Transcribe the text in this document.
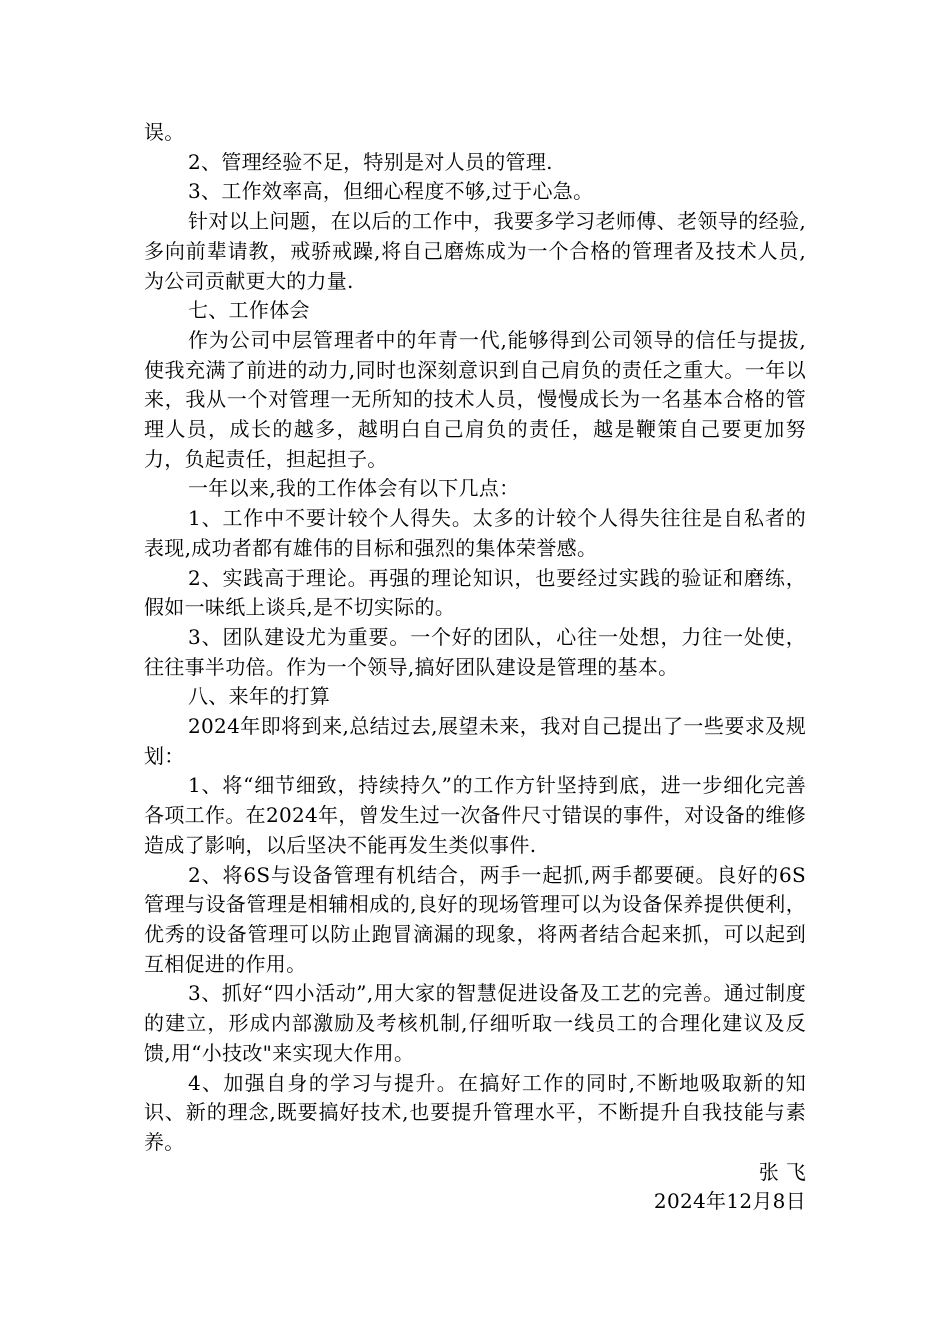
误。

2、管理经验不足，特别是对人员的管理.

3、工作效率高，但细心程度不够,过于心急。

针对以上问题，在以后的工作中，我要多学习老师傅、老领导的经验,多向前辈请教，戒骄戒躁,将自己磨炼成为一个合格的管理者及技术人员,为公司贡献更大的力量.

七、工作体会

作为公司中层管理者中的年青一代,能够得到公司领导的信任与提拔,使我充满了前进的动力,同时也深刻意识到自己肩负的责任之重大。一年以来，我从一个对管理一无所知的技术人员，慢慢成长为一名基本合格的管理人员，成长的越多，越明白自己肩负的责任，越是鞭策自己要更加努力，负起责任，担起担子。

一年以来,我的工作体会有以下几点：

1、工作中不要计较个人得失。太多的计较个人得失往往是自私者的表现,成功者都有雄伟的目标和强烈的集体荣誉感。

2、实践高于理论。再强的理论知识，也要经过实践的验证和磨练，假如一味纸上谈兵,是不切实际的。

3、团队建设尤为重要。一个好的团队，心往一处想，力往一处使，往往事半功倍。作为一个领导,搞好团队建设是管理的基本。

八、来年的打算

2024年即将到来,总结过去,展望未来，我对自己提出了一些要求及规划：

1、将“细节细致，持续持久”的工作方针坚持到底，进一步细化完善各项工作。在2024年，曾发生过一次备件尺寸错误的事件，对设备的维修造成了影响，以后坚决不能再发生类似事件.

2、将6S与设备管理有机结合，两手一起抓,两手都要硬。良好的6S管理与设备管理是相辅相成的,良好的现场管理可以为设备保养提供便利，优秀的设备管理可以防止跑冒滴漏的现象，将两者结合起来抓，可以起到互相促进的作用。

3、抓好“四小活动”,用大家的智慧促进设备及工艺的完善。通过制度的建立，形成内部激励及考核机制,仔细听取一线员工的合理化建议及反馈,用“小技改"来实现大作用。

4、加强自身的学习与提升。在搞好工作的同时,不断地吸取新的知识、新的理念,既要搞好技术,也要提升管理水平，不断提升自我技能与素养。

张 飞

2024年12月8日
